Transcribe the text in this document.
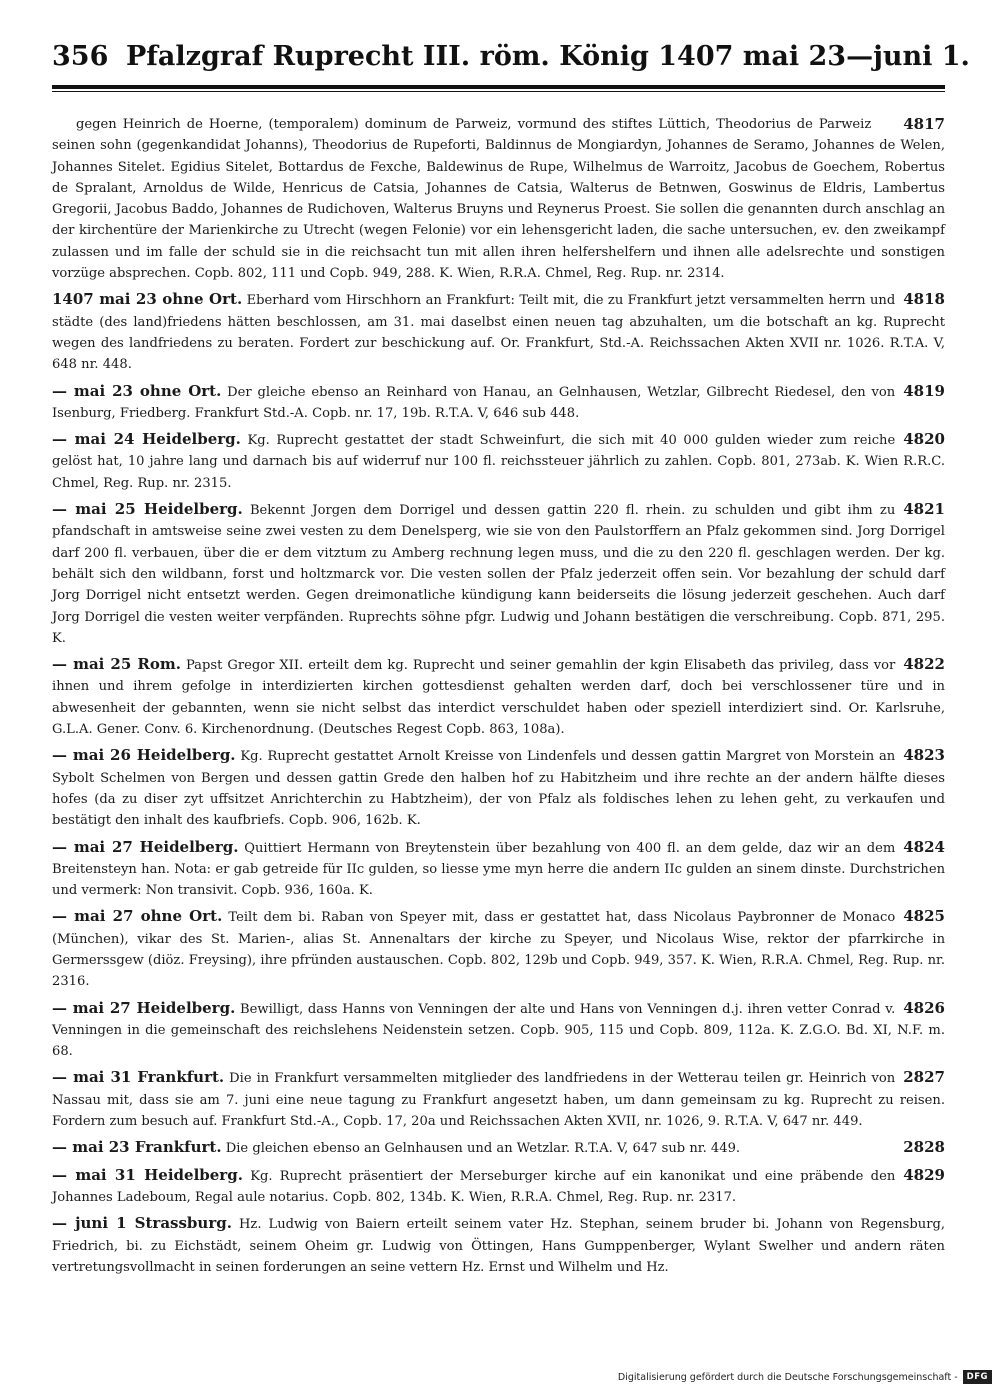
356 Pfalzgraf Ruprecht III. röm. König 1407 mai 23—juni 1.
4817
gegen Heinrich de Hoerne, (temporalem) dominum de Parweiz, vormund des stiftes Lüttich, Theodorius de Parweiz seinen sohn (gegenkandidat Johanns), Theodorius de Rupeforti, Baldinnus de Mongiardyn, Johannes de Seramo, Johannes de Welen, Johannes Sitelet. Egidius Sitelet, Bottardus de Fexche, Baldewinus de Rupe, Wilhelmus de Warroitz, Jacobus de Goechem, Robertus de Spralant, Arnoldus de Wilde, Henricus de Catsia, Johannes de Catsia, Walterus de Betnwen, Goswinus de Eldris, Lambertus Gregorii, Jacobus Baddo, Johannes de Rudichoven, Walterus Bruyns und Reynerus Proest. Sie sollen die genannten durch anschlag an der kirchentüre der Marienkirche zu Utrecht (wegen Felonie) vor ein lehensgericht laden, die sache untersuchen, ev. den zweikampf zulassen und im falle der schuld sie in die reichsacht tun mit allen ihren helfershelfern und ihnen alle adelsrechte und sonstigen vorzüge absprechen. Copb. 802, 111 und Copb. 949, 288. K. Wien, R.R.A. Chmel, Reg. Rup. nr. 2314.
4818
1407 mai 23 ohne Ort. Eberhard vom Hirschhorn an Frankfurt: Teilt mit, die zu Frankfurt jetzt versammelten herrn und städte (des land)friedens hätten beschlossen, am 31. mai daselbst einen neuen tag abzuhalten, um die botschaft an kg. Ruprecht wegen des landfriedens zu beraten. Fordert zur beschickung auf. Or. Frankfurt, Std.-A. Reichssachen Akten XVII nr. 1026. R.T.A. V, 648 nr. 448.
4819
— mai 23 ohne Ort. Der gleiche ebenso an Reinhard von Hanau, an Gelnhausen, Wetzlar, Gilbrecht Riedesel, den von Isenburg, Friedberg. Frankfurt Std.-A. Copb. nr. 17, 19b. R.T.A. V, 646 sub 448.
4820
— mai 24 Heidelberg. Kg. Ruprecht gestattet der stadt Schweinfurt, die sich mit 40 000 gulden wieder zum reiche gelöst hat, 10 jahre lang und darnach bis auf widerruf nur 100 fl. reichssteuer jährlich zu zahlen. Copb. 801, 273ab. K. Wien R.R.C. Chmel, Reg. Rup. nr. 2315.
4821
— mai 25 Heidelberg. Bekennt Jorgen dem Dorrigel und dessen gattin 220 fl. rhein. zu schulden und gibt ihm zu pfandschaft in amtsweise seine zwei vesten zu dem Denelsperg, wie sie von den Paulstorffern an Pfalz gekommen sind. Jorg Dorrigel darf 200 fl. verbauen, über die er dem vitztum zu Amberg rechnung legen muss, und die zu den 220 fl. geschlagen werden. Der kg. behält sich den wildbann, forst und holtzmarck vor. Die vesten sollen der Pfalz jederzeit offen sein. Vor bezahlung der schuld darf Jorg Dorrigel nicht entsetzt werden. Gegen dreimonatliche kündigung kann beiderseits die lösung jederzeit geschehen. Auch darf Jorg Dorrigel die vesten weiter verpfänden. Ruprechts söhne pfgr. Ludwig und Johann bestätigen die verschreibung. Copb. 871, 295. K.
4822
— mai 25 Rom. Papst Gregor XII. erteilt dem kg. Ruprecht und seiner gemahlin der kgin Elisabeth das privileg, dass vor ihnen und ihrem gefolge in interdizierten kirchen gottesdienst gehalten werden darf, doch bei verschlossener türe und in abwesenheit der gebannten, wenn sie nicht selbst das interdict verschuldet haben oder speziell interdiziert sind. Or. Karlsruhe, G.L.A. Gener. Conv. 6. Kirchenordnung. (Deutsches Regest Copb. 863, 108a).
4823
— mai 26 Heidelberg. Kg. Ruprecht gestattet Arnolt Kreisse von Lindenfels und dessen gattin Margret von Morstein an Sybolt Schelmen von Bergen und dessen gattin Grede den halben hof zu Habitzheim und ihre rechte an der andern hälfte dieses hofes (da zu diser zyt uffsitzet Anrichterchin zu Habtzheim), der von Pfalz als foldisches lehen zu lehen geht, zu verkaufen und bestätigt den inhalt des kaufbriefs. Copb. 906, 162b. K.
4824
— mai 27 Heidelberg. Quittiert Hermann von Breytenstein über bezahlung von 400 fl. an dem gelde, daz wir an dem Breitensteyn han. Nota: er gab getreide für IIc gulden, so liesse yme myn herre die andern IIc gulden an sinem dinste. Durchstrichen und vermerk: Non transivit. Copb. 936, 160a. K.
4825
— mai 27 ohne Ort. Teilt dem bi. Raban von Speyer mit, dass er gestattet hat, dass Nicolaus Paybronner de Monaco (München), vikar des St. Marien-, alias St. Annenaltars der kirche zu Speyer, und Nicolaus Wise, rektor der pfarrkirche in Germerssgew (diöz. Freysing), ihre pfründen austauschen. Copb. 802, 129b und Copb. 949, 357. K. Wien, R.R.A. Chmel, Reg. Rup. nr. 2316.
4826
— mai 27 Heidelberg. Bewilligt, dass Hanns von Venningen der alte und Hans von Venningen d.j. ihren vetter Conrad v. Venningen in die gemeinschaft des reichslehens Neidenstein setzen. Copb. 905, 115 und Copb. 809, 112a. K. Z.G.O. Bd. XI, N.F. m. 68.
2827
— mai 31 Frankfurt. Die in Frankfurt versammelten mitglieder des landfriedens in der Wetterau teilen gr. Heinrich von Nassau mit, dass sie am 7. juni eine neue tagung zu Frankfurt angesetzt haben, um dann gemeinsam zu kg. Ruprecht zu reisen. Fordern zum besuch auf. Frankfurt Std.-A., Copb. 17, 20a und Reichssachen Akten XVII, nr. 1026, 9. R.T.A. V, 647 nr. 449.
2828
— mai 23 Frankfurt. Die gleichen ebenso an Gelnhausen und an Wetzlar. R.T.A. V, 647 sub nr. 449.
4829
— mai 31 Heidelberg. Kg. Ruprecht präsentiert der Merseburger kirche auf ein kanonikat und eine präbende den Johannes Ladeboum, Regal aule notarius. Copb. 802, 134b. K. Wien, R.R.A. Chmel, Reg. Rup. nr. 2317.
— juni 1 Strassburg. Hz. Ludwig von Baiern erteilt seinem vater Hz. Stephan, seinem bruder bi. Johann von Regensburg, Friedrich, bi. zu Eichstädt, seinem Oheim gr. Ludwig von Öttingen, Hans Gumppenberger, Wylant Swelher und andern räten vertretungsvollmacht in seinen forderungen an seine vettern Hz. Ernst und Wilhelm und Hz.
Digitalisierung gefördert durch die Deutsche Forschungsgemeinschaft -	DFG
